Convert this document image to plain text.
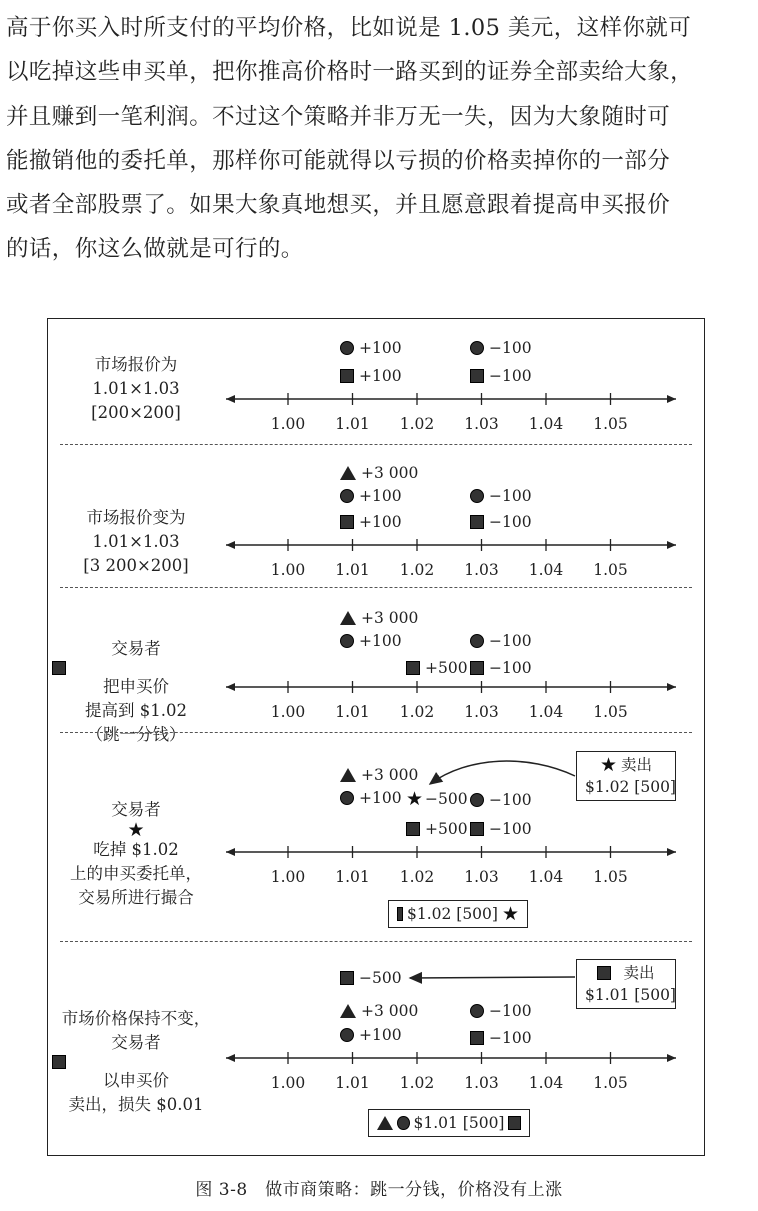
高于你买入时所支付的平均价格，比如说是 1.05 美元，这样你就可

以吃掉这些申买单，把你推高价格时一路买到的证券全部卖给大象，

并且赚到一笔利润。不过这个策略并非万无一失，因为大象随时可

能撤销他的委托单，那样你可能就得以亏损的价格卖掉你的一部分

或者全部股票了。如果大象真地想买，并且愿意跟着提高申买报价

的话，你这么做就是可行的。

市场报价为
1.01×1.03
[200×200]
+100
+100
−100
−100
1.00 1.01 1.02 1.03 1.04 1.05
市场报价变为
1.01×1.03
[3 200×200]
+3 000
+100
+100
−100
−100
1.00 1.01 1.02 1.03 1.04 1.05
交易者
把申买价
提高到 $1.02
（跳一分钱）
+3 000
+100
+500
−100
−100
1.00 1.01 1.02 1.03 1.04 1.05
交易者
★
吃掉 $1.02
上的申买委托单，
交易所进行撮合
+3 000
+100 ★ −500 −100
+500 −100
★ 卖出
$1.02 [500]
1.00 1.01 1.02 1.03 1.04 1.05
$1.02 [500] ★
市场价格保持不变，
交易者
以申买价
卖出，损失 $0.01
−500
+3 000
+100
−100
−100
卖出
$1.01 [500]
1.00 1.01 1.02 1.03 1.04 1.05
$1.01 [500]
图 3-8　做市商策略：跳一分钱，价格没有上涨
